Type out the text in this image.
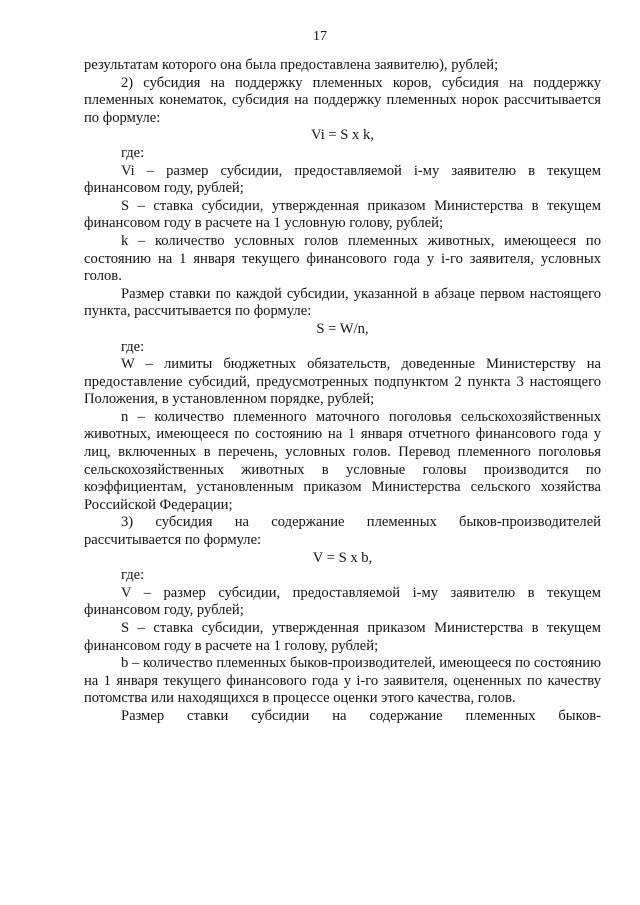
17

результатам которого она была предоставлена заявителю), рублей;

2) субсидия на поддержку племенных коров, субсидия на поддержку племенных конематок, субсидия на поддержку племенных норок рассчитывается по формуле:

Vi = S x k,

где:

Vi – размер субсидии, предоставляемой i-му заявителю в текущем финансовом году, рублей;

S – ставка субсидии, утвержденная приказом Министерства в текущем финансовом году в расчете на 1 условную голову, рублей;

k – количество условных голов племенных животных, имеющееся по состоянию на 1 января текущего финансового года у i-го заявителя, условных голов.

Размер ставки по каждой субсидии, указанной в абзаце первом настоящего пункта, рассчитывается по формуле:

S = W/n,

где:

W – лимиты бюджетных обязательств, доведенные Министерству на предоставление субсидий, предусмотренных подпунктом 2 пункта 3 настоящего Положения, в установленном порядке, рублей;

n – количество племенного маточного поголовья сельскохозяйственных животных, имеющееся по состоянию на 1 января отчетного финансового года у лиц, включенных в перечень, условных голов. Перевод племенного поголовья сельскохозяйственных животных в условные головы производится по коэффициентам, установленным приказом Министерства сельского хозяйства Российской Федерации;

3) субсидия на содержание племенных быков-производителей рассчитывается по формуле:

V = S x b,

где:

V – размер субсидии, предоставляемой i-му заявителю в текущем финансовом году, рублей;

S – ставка субсидии, утвержденная приказом Министерства в текущем финансовом году в расчете на 1 голову, рублей;

b – количество племенных быков-производителей, имеющееся по состоянию на 1 января текущего финансового года у i-го заявителя, оцененных по качеству потомства или находящихся в процессе оценки этого качества, голов.

Размер ставки субсидии на содержание племенных быков-
